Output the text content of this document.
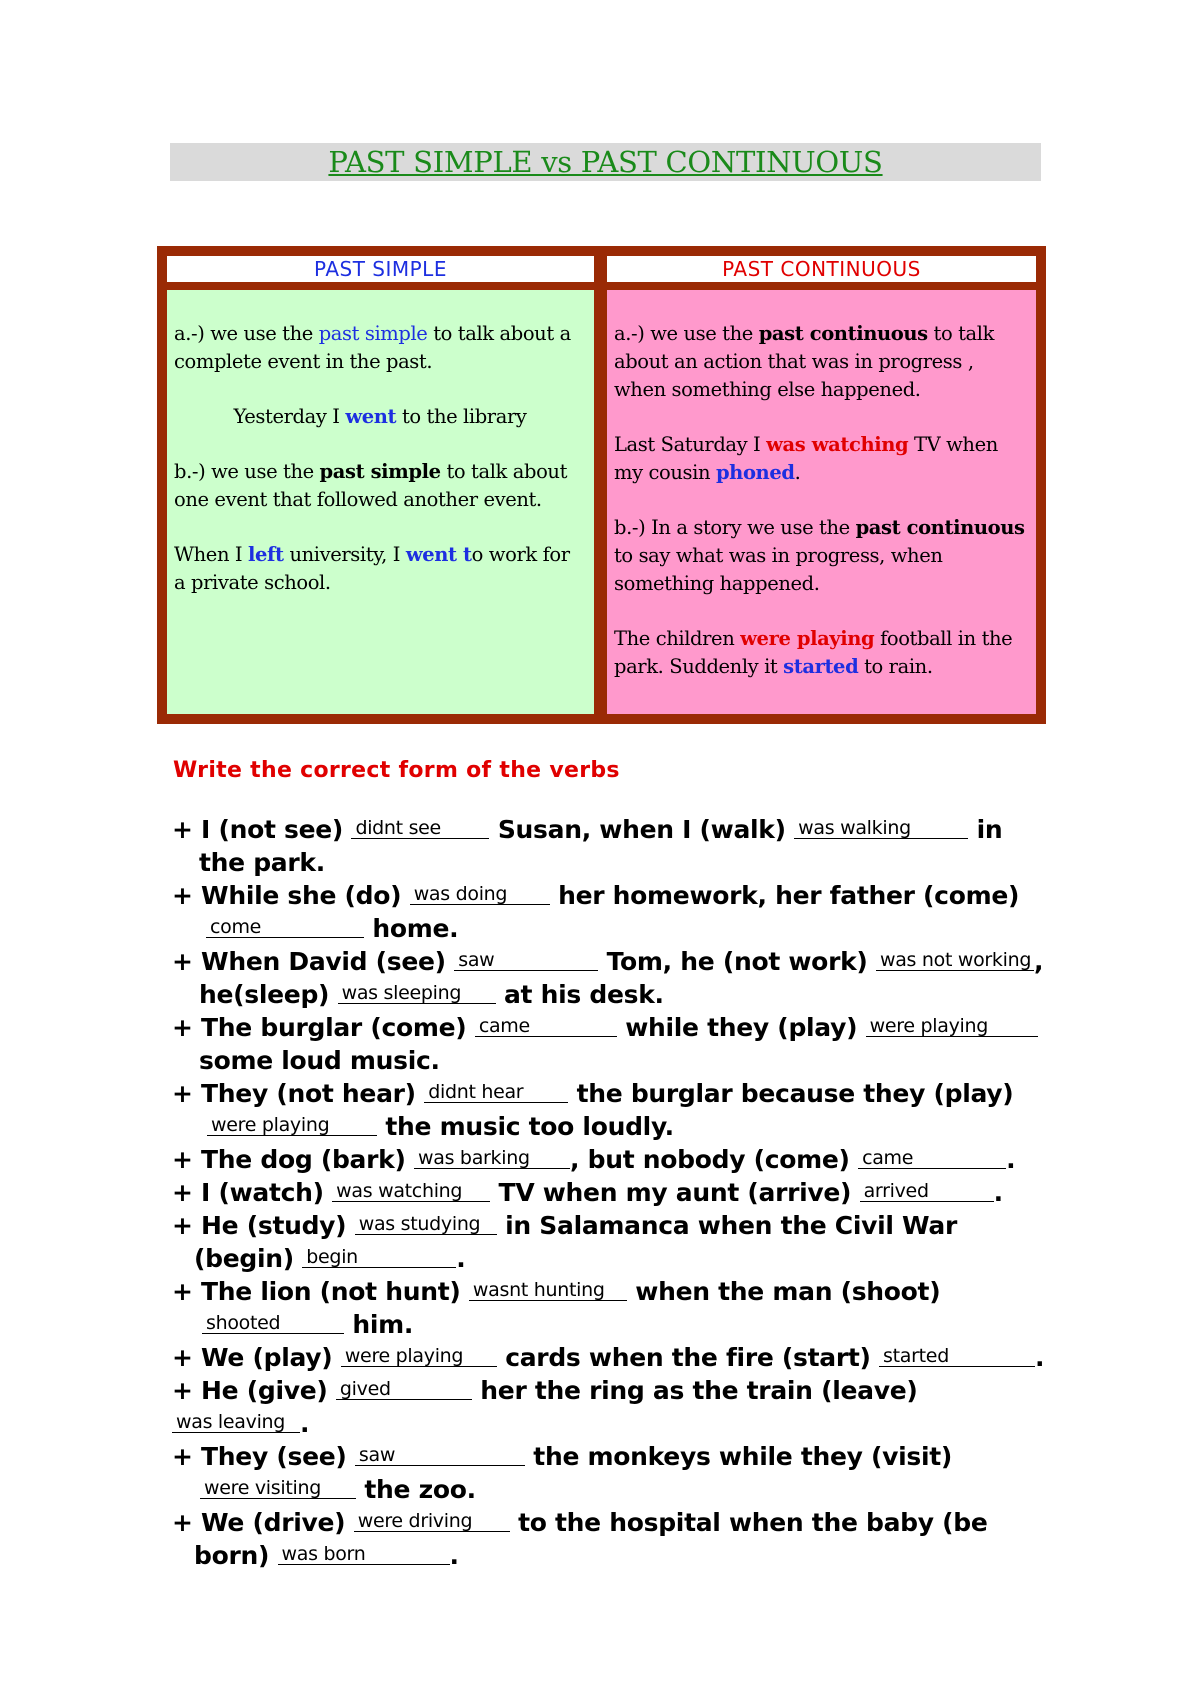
PAST SIMPLE vs PAST CONTINUOUS
PAST SIMPLE	PAST CONTINUOUS

a.-) we use the past simple to talk about a complete event in the past.

Yesterday I went to the library

b.-) we use the past simple to talk about one event that followed another event.

When I left university, I went to work for a private school.

a.-) we use the past continuous to talk about an action that was in progress , when something else happened.

Last Saturday I was watching TV when my cousin phoned.

b.-) In a story we use the past continuous to say what was in progress, when something happened.

The children were playing football in the park. Suddenly it started to rain.

Write the correct form of the verbs

+ I (not see) didnt see Susan, when I (walk) was walking in

the park.

+ While she (do) was doing her homework, her father (come)

come	home.

+ When David (see) saw	Tom, he (not work) was not working ,

he(sleep) was sleeping at his desk.

+ The burglar (come) came	while they (play) were playing

some loud music.

+ They (not hear) didnt hear the burglar because they (play)

were playing the music too loudly.

+ The dog (bark) was barking , but nobody (come) came	.

+ I (watch) was watching TV when my aunt (arrive) arrived	.

+ He (study) was studying in Salamanca when the Civil War

(begin) begin	.

+ The lion (not hunt) wasnt hunting when the man (shoot)

shooted	him.

+ We (play) were playing cards when the fire (start) started	.

+ He (give) gived	her the ring as the train (leave) was leaving .

+ They (see) saw	the monkeys while they (visit)

were visiting the zoo.

+ We (drive) were driving to the hospital when the baby (be

born) was born	.
